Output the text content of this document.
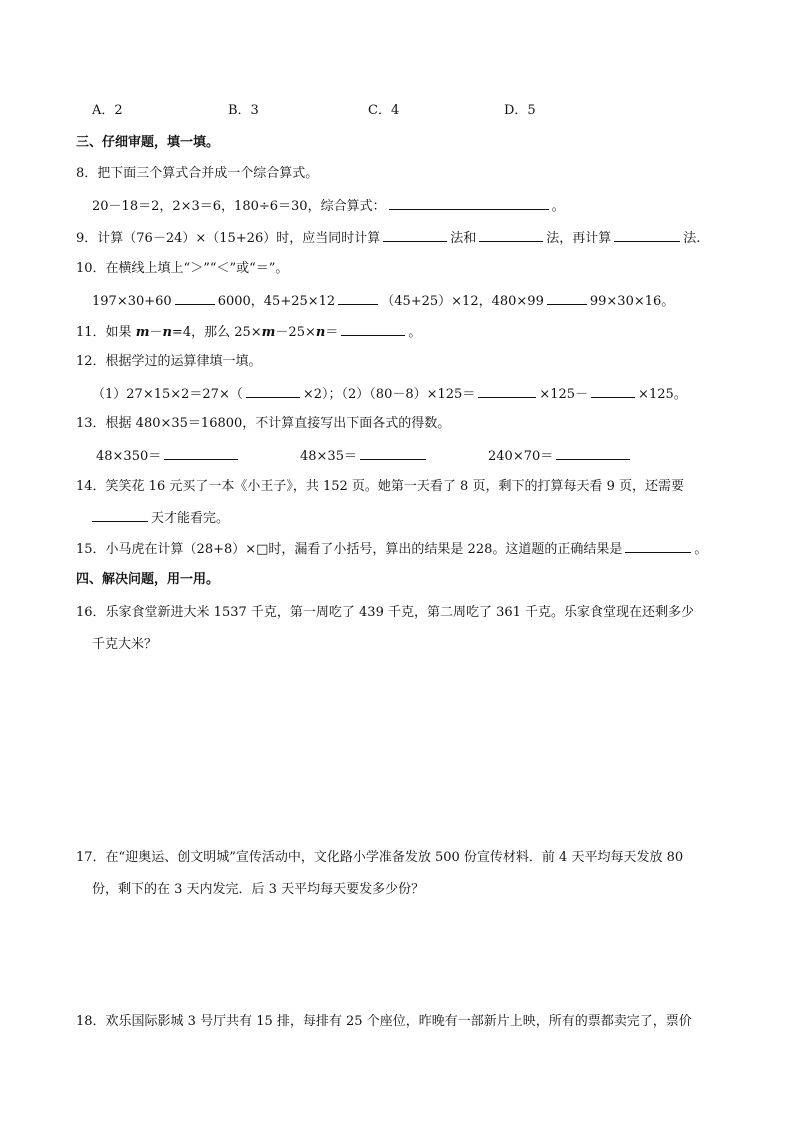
A．2	B．3	C．4	D．5
三、仔细审题，填一填。
8．把下面三个算式合并成一个综合算式。
20－18＝2，2×3＝6，180÷6＝30，综合算式：	。
9．计算（76－24）×（15+26）时，应当同时计算	法和	法，再计算	法.
10．在横线上填上“＞”“＜”或“＝”。
197×30+60	6000，45+25×12	（45+25）×12，480×99	99×30×16。
11．如果 m－n=4，那么 25×m－25×n＝	。
12．根据学过的运算律填一填。
（1）27×15×2＝27×（	×2）；（2）（80－8）×125＝	×125－	×125。
13．根据 480×35＝16800，不计算直接写出下面各式的得数。
48×350＝	48×35＝	240×70＝
14．笑笑花 16 元买了一本《小王子》，共 152 页。她第一天看了 8 页，剩下的打算每天看 9 页，还需要
天才能看完。
15．小马虎在计算（28+8）×□时，漏看了小括号，算出的结果是 228。这道题的正确结果是	。
四、解决问题，用一用。
16．乐家食堂新进大米 1537 千克，第一周吃了 439 千克，第二周吃了 361 千克。乐家食堂现在还剩多少
千克大米？
17．在“迎奥运、创文明城”宣传活动中，文化路小学准备发放 500 份宣传材料．前 4 天平均每天发放 80
份，剩下的在 3 天内发完．后 3 天平均每天要发多少份？
18．欢乐国际影城 3 号厅共有 15 排，每排有 25 个座位，昨晚有一部新片上映，所有的票都卖完了，票价
